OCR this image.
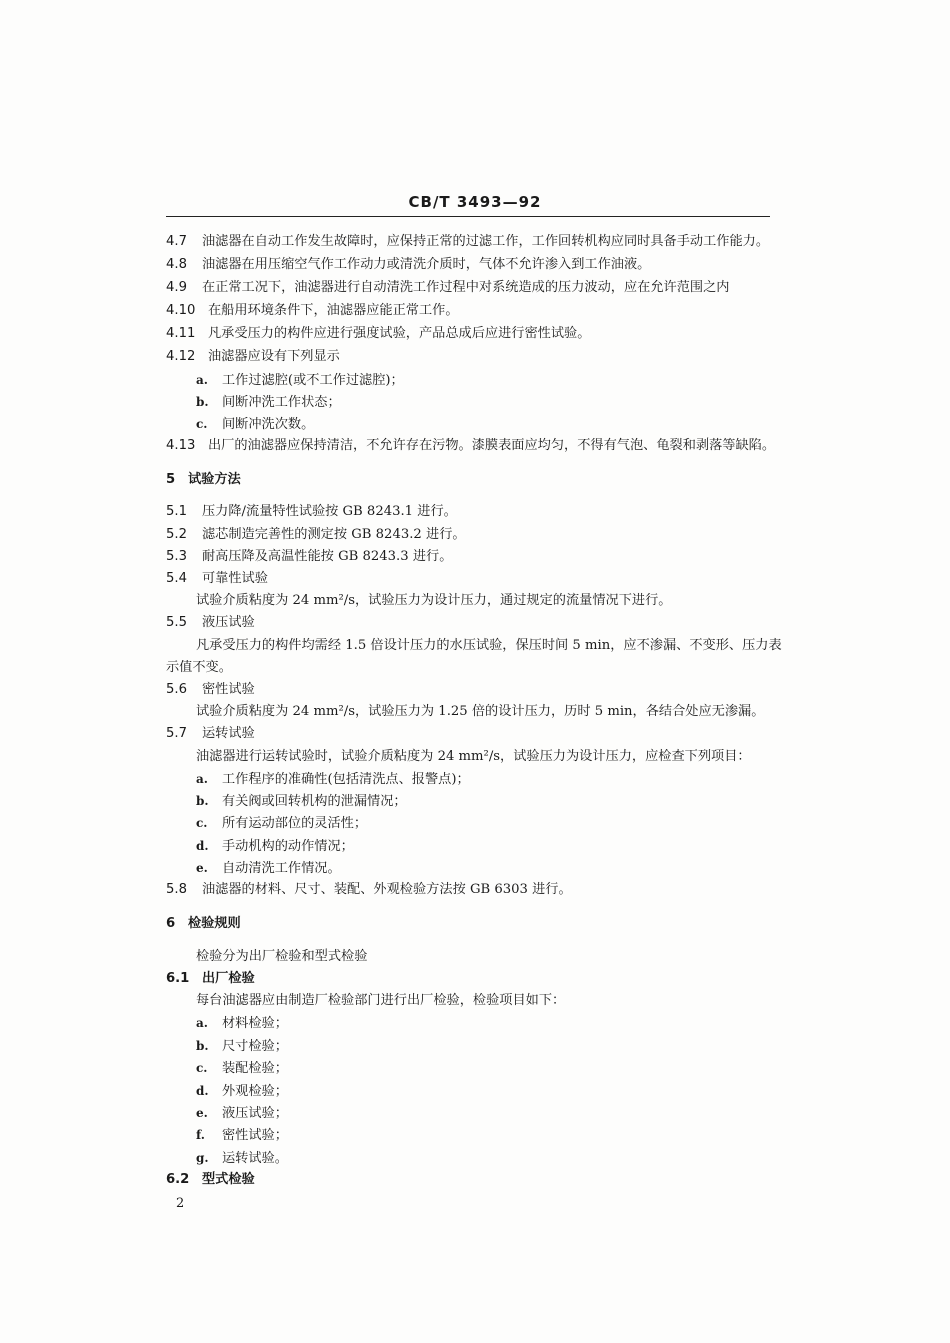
CB/T 3493—92
4.7 油滤器在自动工作发生故障时，应保持正常的过滤工作，工作回转机构应同时具备手动工作能力。
4.8 油滤器在用压缩空气作工作动力或清洗介质时，气体不允许渗入到工作油液。
4.9 在正常工况下，油滤器进行自动清洗工作过程中对系统造成的压力波动，应在允许范围之内
4.10 在船用环境条件下，油滤器应能正常工作。
4.11 凡承受压力的构件应进行强度试验，产品总成后应进行密性试验。
4.12 油滤器应设有下列显示
a. 工作过滤腔(或不工作过滤腔)；
b. 间断冲洗工作状态；
c. 间断冲洗次数。
4.13 出厂的油滤器应保持清洁，不允许存在污物。漆膜表面应均匀，不得有气泡、龟裂和剥落等缺陷。
5 试验方法
5.1 压力降/流量特性试验按 GB 8243.1 进行。
5.2 滤芯制造完善性的测定按 GB 8243.2 进行。
5.3 耐高压降及高温性能按 GB 8243.3 进行。
5.4 可靠性试验
试验介质粘度为 24 mm²/s，试验压力为设计压力，通过规定的流量情况下进行。
5.5 液压试验
凡承受压力的构件均需经 1.5 倍设计压力的水压试验，保压时间 5 min，应不渗漏、不变形、压力表
示值不变。
5.6 密性试验
试验介质粘度为 24 mm²/s，试验压力为 1.25 倍的设计压力，历时 5 min，各结合处应无渗漏。
5.7 运转试验
油滤器进行运转试验时，试验介质粘度为 24 mm²/s，试验压力为设计压力，应检查下列项目：
a. 工作程序的准确性(包括清洗点、报警点)；
b. 有关阀或回转机构的泄漏情况；
c. 所有运动部位的灵活性；
d. 手动机构的动作情况；
e. 自动清洗工作情况。
5.8 油滤器的材料、尺寸、装配、外观检验方法按 GB 6303 进行。
6 检验规则
检验分为出厂检验和型式检验
6.1 出厂检验
每台油滤器应由制造厂检验部门进行出厂检验，检验项目如下：
a. 材料检验；
b. 尺寸检验；
c. 装配检验；
d. 外观检验；
e. 液压试验；
f. 密性试验；
g. 运转试验。
6.2 型式检验
2
